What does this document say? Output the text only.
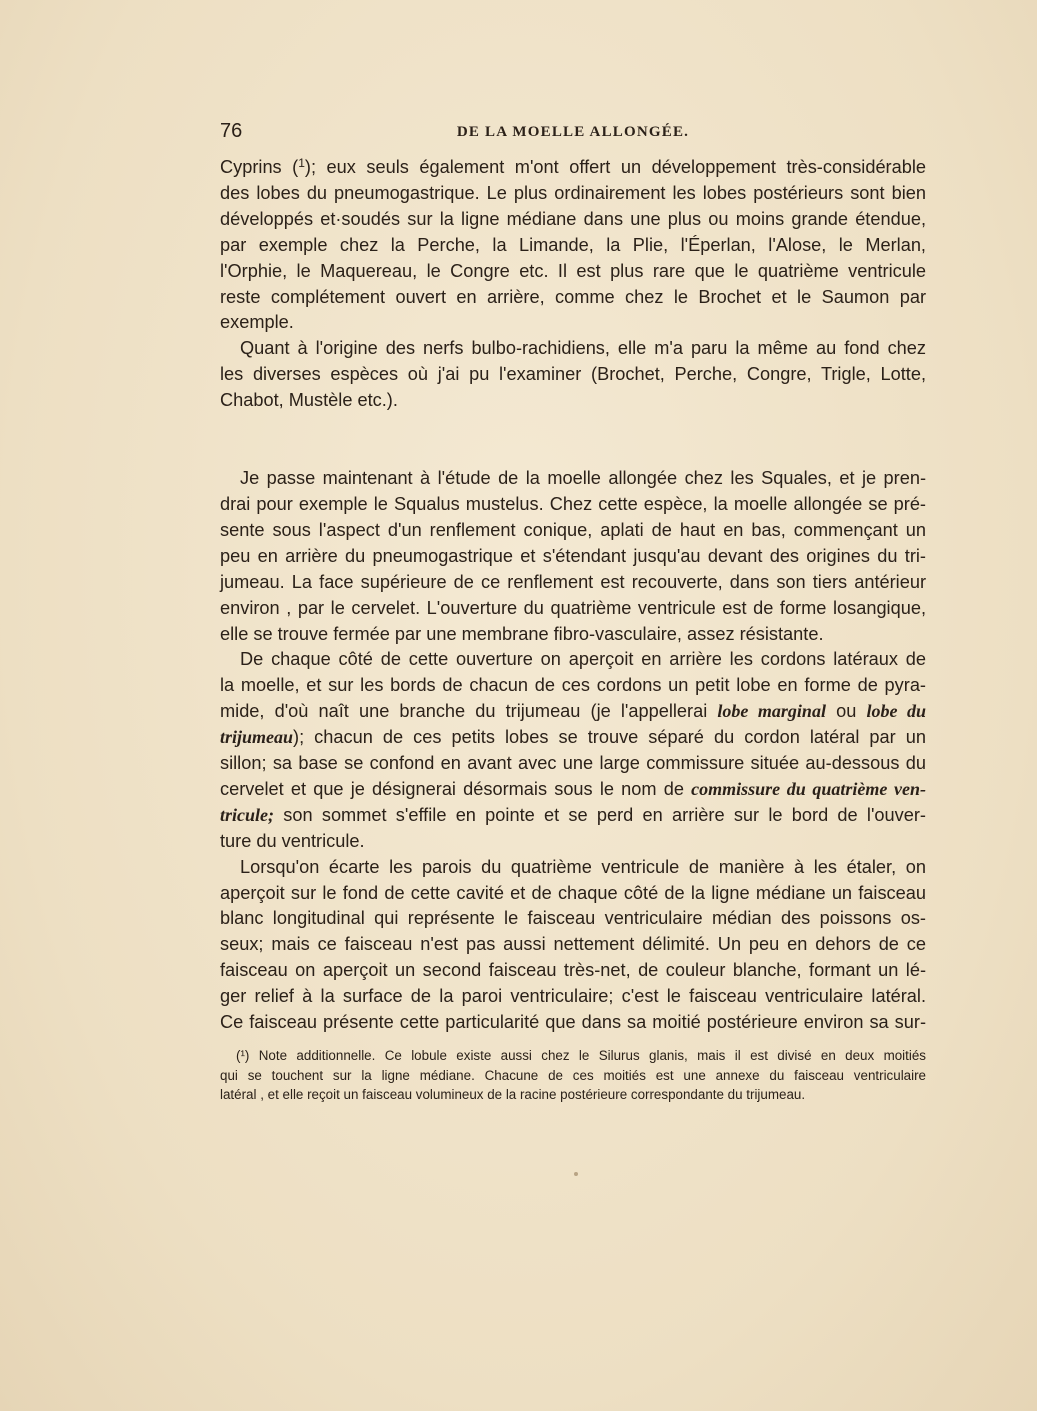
76	DE LA MOELLE ALLONGÉE.
Cyprins ($^1$); eux seuls également m'ont offert un développement très-considérable
des lobes du pneumogastrique. Le plus ordinairement les lobes postérieurs sont bien
développés et·soudés sur la ligne médiane dans une plus ou moins grande étendue,
par exemple chez la Perche, la Limande, la Plie, l'Éperlan, l'Alose, le Merlan,
l'Orphie, le Maquereau, le Congre etc. Il est plus rare que le quatrième ventricule
reste complétement ouvert en arrière, comme chez le Brochet et le Saumon par
exemple.
Quant à l'origine des nerfs bulbo-rachidiens, elle m'a paru la même au fond chez
les diverses espèces où j'ai pu l'examiner (Brochet, Perche, Congre, Trigle, Lotte,
Chabot, Mustèle etc.).
Je passe maintenant à l'étude de la moelle allongée chez les Squales, et je pren-
drai pour exemple le Squalus mustelus. Chez cette espèce, la moelle allongée se pré-
sente sous l'aspect d'un renflement conique, aplati de haut en bas, commençant un
peu en arrière du pneumogastrique et s'étendant jusqu'au devant des origines du tri-
jumeau. La face supérieure de ce renflement est recouverte, dans son tiers antérieur
environ , par le cervelet. L'ouverture du quatrième ventricule est de forme losangique,
elle se trouve fermée par une membrane fibro-vasculaire, assez résistante.
De chaque côté de cette ouverture on aperçoit en arrière les cordons latéraux de
la moelle, et sur les bords de chacun de ces cordons un petit lobe en forme de pyra-
mide, d'où naît une branche du trijumeau (je l'appellerai lobe marginal ou lobe du
trijumeau); chacun de ces petits lobes se trouve séparé du cordon latéral par un
sillon; sa base se confond en avant avec une large commissure située au-dessous du
cervelet et que je désignerai désormais sous le nom de commissure du quatrième ven-
tricule; son sommet s'effile en pointe et se perd en arrière sur le bord de l'ouver-
ture du ventricule.
Lorsqu'on écarte les parois du quatrième ventricule de manière à les étaler, on
aperçoit sur le fond de cette cavité et de chaque côté de la ligne médiane un faisceau
blanc longitudinal qui représente le faisceau ventriculaire médian des poissons os-
seux; mais ce faisceau n'est pas aussi nettement délimité. Un peu en dehors de ce
faisceau on aperçoit un second faisceau très-net, de couleur blanche, formant un lé-
ger relief à la surface de la paroi ventriculaire; c'est le faisceau ventriculaire latéral.
Ce faisceau présente cette particularité que dans sa moitié postérieure environ sa sur-
(¹) Note additionnelle. Ce lobule existe aussi chez le Silurus glanis, mais il est divisé en deux moitiés
qui se touchent sur la ligne médiane. Chacune de ces moitiés est une annexe du faisceau ventriculaire
latéral , et elle reçoit un faisceau volumineux de la racine postérieure correspondante du trijumeau.
